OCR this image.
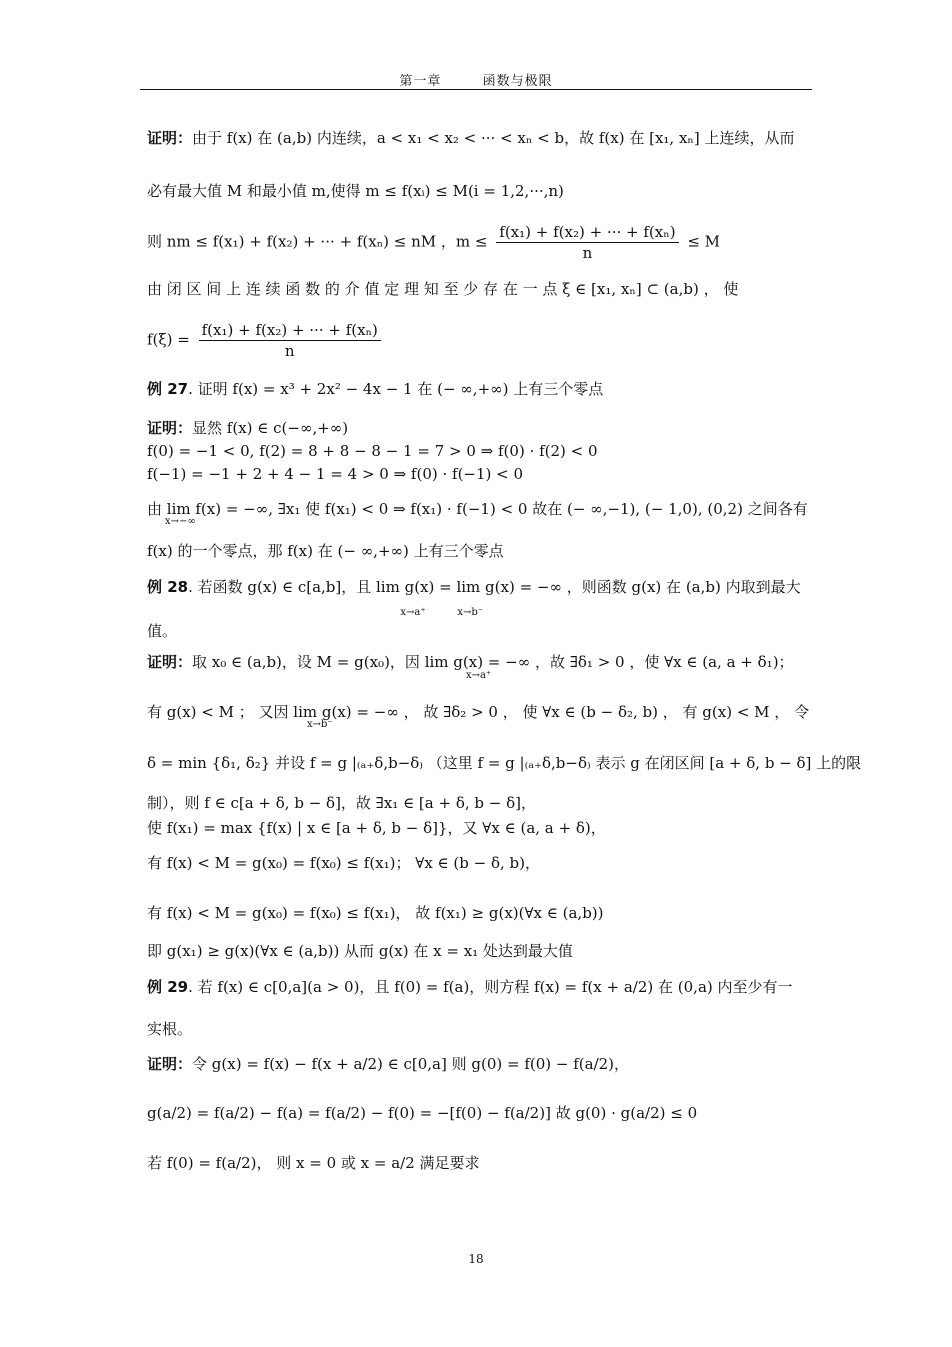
第一章	函数与极限
证明：由于 f(x) 在 (a,b) 内连续，a < x₁ < x₂ < ··· < xₙ < b，故 f(x) 在 [x₁, xₙ] 上连续，从而
必有最大值 M 和最小值 m,使得 m ≤ f(xᵢ) ≤ M(i = 1,2,···,n)
则 nm ≤ f(x₁) + f(x₂) + ··· + f(xₙ) ≤ nM ，$m \le \frac{\text{f(x₁) + f(x₂) + ··· + f(xₙ)}}{n} \le M$
由 闭 区 间 上 连 续 函 数 的 介 值 定 理 知 至 少 存 在 一 点 ξ ∈ [x₁, xₙ] ⊂ (a,b) ， 使
$f(\xi) = \frac{\text{f(x₁) + f(x₂) + ··· + f(xₙ)}}{n}$
例 27. 证明 f(x) = x³ + 2x² − 4x − 1 在 (− ∞,+∞) 上有三个零点
证明：显然 f(x) ∈ c(−∞,+∞)
f(0) = −1 < 0, f(2) = 8 + 8 − 8 − 1 = 7 > 0 ⇒ f(0) · f(2) < 0
f(−1) = −1 + 2 + 4 − 1 = 4 > 0 ⇒ f(0) · f(−1) < 0
由 lim f(x) = −∞, ∃x₁ 使 f(x₁) < 0 ⇒ f(x₁) · f(−1) < 0 故在 (− ∞,−1), (− 1,0), (0,2) 之间各有
x→−∞
f(x) 的一个零点，那 f(x) 在 (− ∞,+∞) 上有三个零点
例 28. 若函数 g(x) ∈ c[a,b]，且 lim g(x) = lim g(x) = −∞ ，则函数 g(x) 在 (a,b) 内取到最大

x→a⁺          x→b⁻

值。
证明：取 x₀ ∈ (a,b)，设 M = g(x₀)，因 lim g(x) = −∞ ，故 ∃δ₁ > 0 ，使 ∀x ∈ (a, a + δ₁)；
x→a⁺
有 g(x) < M ； 又因 lim g(x) = −∞ ， 故 ∃δ₂ > 0 ， 使 ∀x ∈ (b − δ₂, b) ， 有 g(x) < M ， 令
x→b⁻
δ = min {δ₁, δ₂} 并设 f = g |₍ₐ₊δ,b−δ₎ （这里 f = g |₍ₐ₊δ,b−δ₎ 表示 g 在闭区间 [a + δ, b − δ] 上的限
制），则 f ∈ c[a + δ, b − δ]，故 ∃x₁ ∈ [a + δ, b − δ]，
使 f(x₁) = max {f(x) | x ∈ [a + δ, b − δ]}，又 ∀x ∈ (a, a + δ)，
有 f(x) < M = g(x₀) = f(x₀) ≤ f(x₁)； ∀x ∈ (b − δ, b)，
有 f(x) < M = g(x₀) = f(x₀) ≤ f(x₁)， 故 f(x₁) ≥ g(x)(∀x ∈ (a,b))
即 g(x₁) ≥ g(x)(∀x ∈ (a,b)) 从而 g(x) 在 x = x₁ 处达到最大值
例 29. 若 f(x) ∈ c[0,a](a > 0)，且 f(0) = f(a)，则方程 f(x) = f(x + a/2) 在 (0,a) 内至少有一
实根。
证明：令 g(x) = f(x) − f(x + a/2) ∈ c[0,a] 则 g(0) = f(0) − f(a/2)，
g(a/2) = f(a/2) − f(a) = f(a/2) − f(0) = −[f(0) − f(a/2)] 故 g(0) · g(a/2) ≤ 0
若 f(0) = f(a/2)， 则 x = 0 或 x = a/2 满足要求
18
